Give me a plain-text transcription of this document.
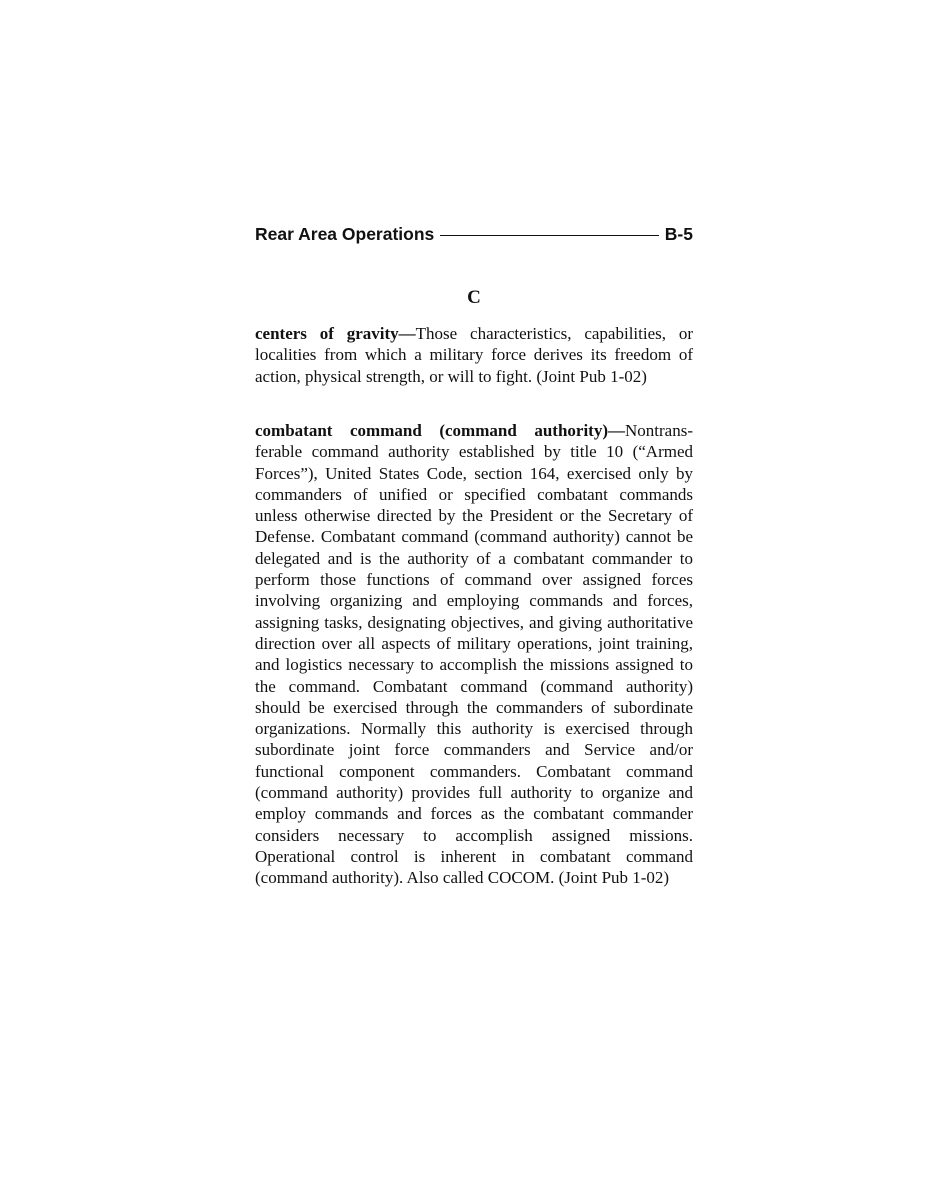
Rear Area Operations	B-5
C

centers of gravity—Those characteristics, capabilities, or localities from which a military force derives its freedom of action, physical strength, or will to fight. (Joint Pub 1-02)

combatant command (command authority)—Nontransferable command authority established by title 10 (“Armed Forces”), United States Code, section 164, exercised only by commanders of unified or specified combatant commands unless otherwise directed by the President or the Secretary of Defense. Combatant command (command authority) cannot be delegated and is the authority of a combatant commander to perform those functions of command over assigned forces involving organizing and employing commands and forces, assigning tasks, designating objectives, and giving authoritative direction over all aspects of military operations, joint training, and logistics necessary to accomplish the missions assigned to the command. Combatant command (command authority) should be exercised through the commanders of subordinate organizations. Normally this authority is exercised through subordinate joint force commanders and Service and/or functional component commanders. Combatant command (command authority) provides full authority to organize and employ commands and forces as the combatant commander considers necessary to accomplish assigned missions. Operational control is inherent in combatant command (command authority). Also called COCOM. (Joint Pub 1-02)
